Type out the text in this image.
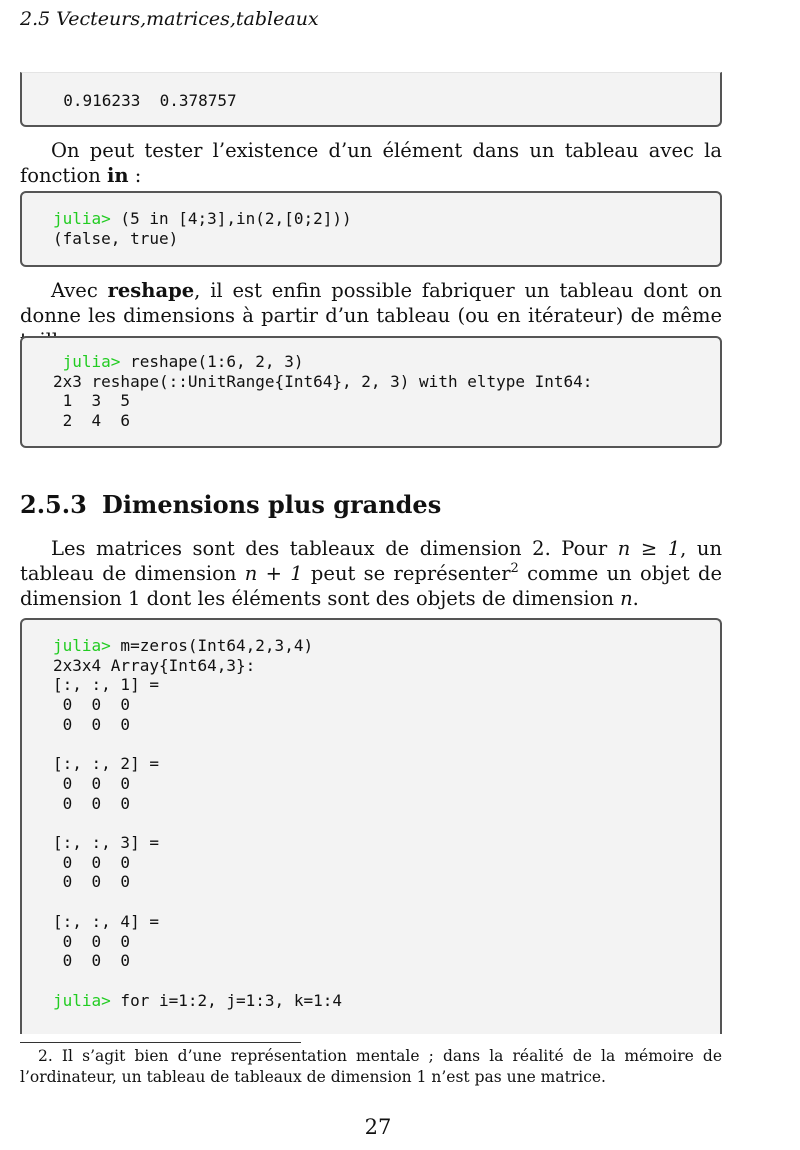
2.5 Vecteurs,matrices,tableaux
0.916233  0.378757

On peut tester l’existence d’un élément dans un tableau avec la fonction in :

julia> (5 in [4;3],in(2,[0;2]))
(false, true)

Avec reshape, il est enfin possible fabriquer un tableau dont on donne les dimensions à partir d’un tableau (ou en itérateur) de même

julia> reshape(1:6, 2, 3)
2x3 reshape(::UnitRange{Int64}, 2, 3) with eltype Int64:
1  3  5
2  4  6
2.5.3 Dimensions plus grandes

Les matrices sont des tableaux de dimension 2. Pour n ≥ 1, un tableau de dimension n + 1 peut se représenter$^2$ comme un objet de dimension 1 dont les éléments sont des objets de dimension n.

julia> m=zeros(Int64,2,3,4)
2x3x4 Array{Int64,3}:
[:, :, 1] =
0  0  0
0  0  0

[:, :, 2] =
0  0  0
0  0  0

[:, :, 3] =
0  0  0
0  0  0

[:, :, 4] =
0  0  0
0  0  0

julia> for i=1:2, j=1:3, k=1:4

2. Il s’agit bien d’une représentation mentale ; dans la réalité de la mémoire de l’ordinateur, un tableau de tableaux de dimension 1 n’est pas une matrice.

27
